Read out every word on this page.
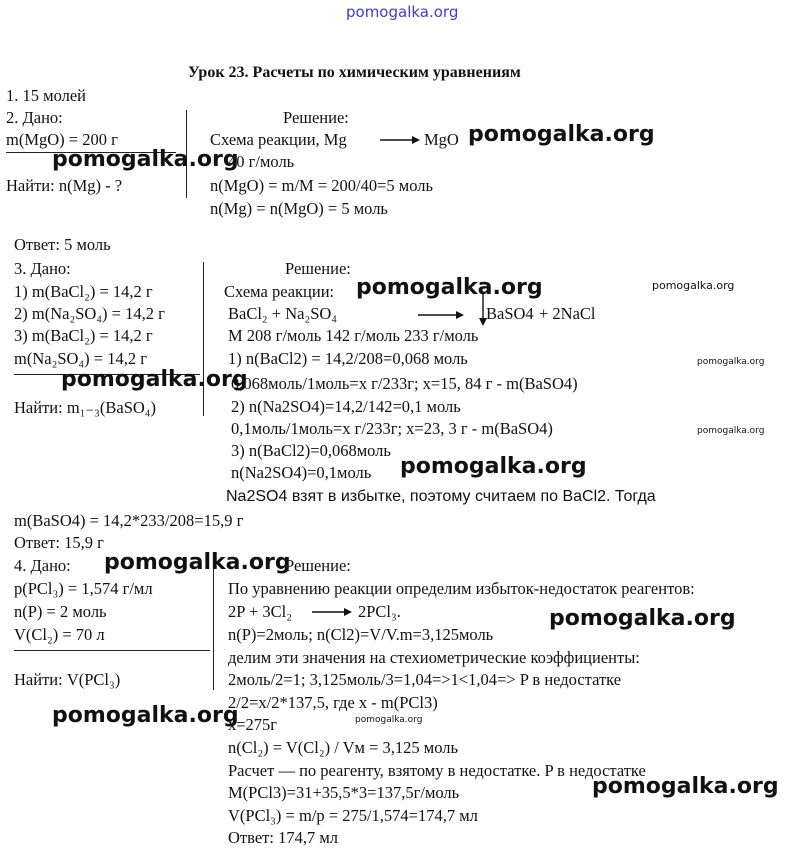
pomogalka.org
Урок 23. Расчеты по химическим уравнениям
1. 15 молей
2. Дано:
m(MgO) = 200 г
Найти: n(Mg) - ?
Решение:
Схема реакции, Mg → MgO
40 г/моль
n(MgO) = m/M = 200/40=5 моль
n(Mg) = n(MgO) = 5 моль
Ответ: 5 моль
3. Дано:
1) m(BaCl₂) = 14,2 г
2) m(Na₂SO₄) = 14,2 г
3) m(BaCl₂) = 14,2 г
m(Na₂SO₄) = 14,2 г
Найти: m₁₋₃(BaSO₄)
Решение:
Схема реакции:
BaCl₂ + Na₂SO₄	→ BaSO4 + 2NaCl
M 208 г/моль 142 г/моль 233 г/моль
1) n(BaCl2) = 14,2/208=0,068 моль
0,068моль/1моль=x г/233г; x=15, 84 г - m(BaSO4)
2) n(Na2SO4)=14,2/142=0,1 моль
0,1моль/1моль=x г/233г; x=23, 3 г - m(BaSO4)
3) n(BaCl2)=0,068моль
n(Na2SO4)=0,1моль
Na2SO4 взят в избытке, поэтому считаем по BaCl2. Тогда
m(BaSO4) = 14,2*233/208=15,9 г
Ответ: 15,9 г
4. Дано:
p(PCl₃) = 1,574 г/мл
n(P) = 2 моль
V(Cl₂) = 70 л
Найти: V(PCl₃)
Решение:
По уравнению реакции определим избыток-недостаток реагентов:
2P + 3Cl₂ → 2PCl₃.
n(P)=2моль; n(Cl2)=V/V.m=3,125моль
делим эти значения на стехиометрические коэффициенты:
2моль/2=1; 3,125моль/3=1,04=>1<1,04=> P в недостатке
2/2=x/2*137,5, где x - m(PCl3)
x=275г
n(Cl₂) = V(Cl₂) / Vм = 3,125 моль
Расчет — по реагенту, взятому в недостатке. P в недостатке
M(PCl3)=31+35,5*3=137,5г/моль
V(PCl₃) = m/p = 275/1,574=174,7 мл
Ответ: 174,7 мл
pomogalka.org
pomogalka.org
pomogalka.org	pomogalka.org
pomogalka.org
pomogalka.org
pomogalka.org
pomogalka.org
pomogalka.org
pomogalka.org
pomogalka.org	pomogalka.org
pomogalka.org
